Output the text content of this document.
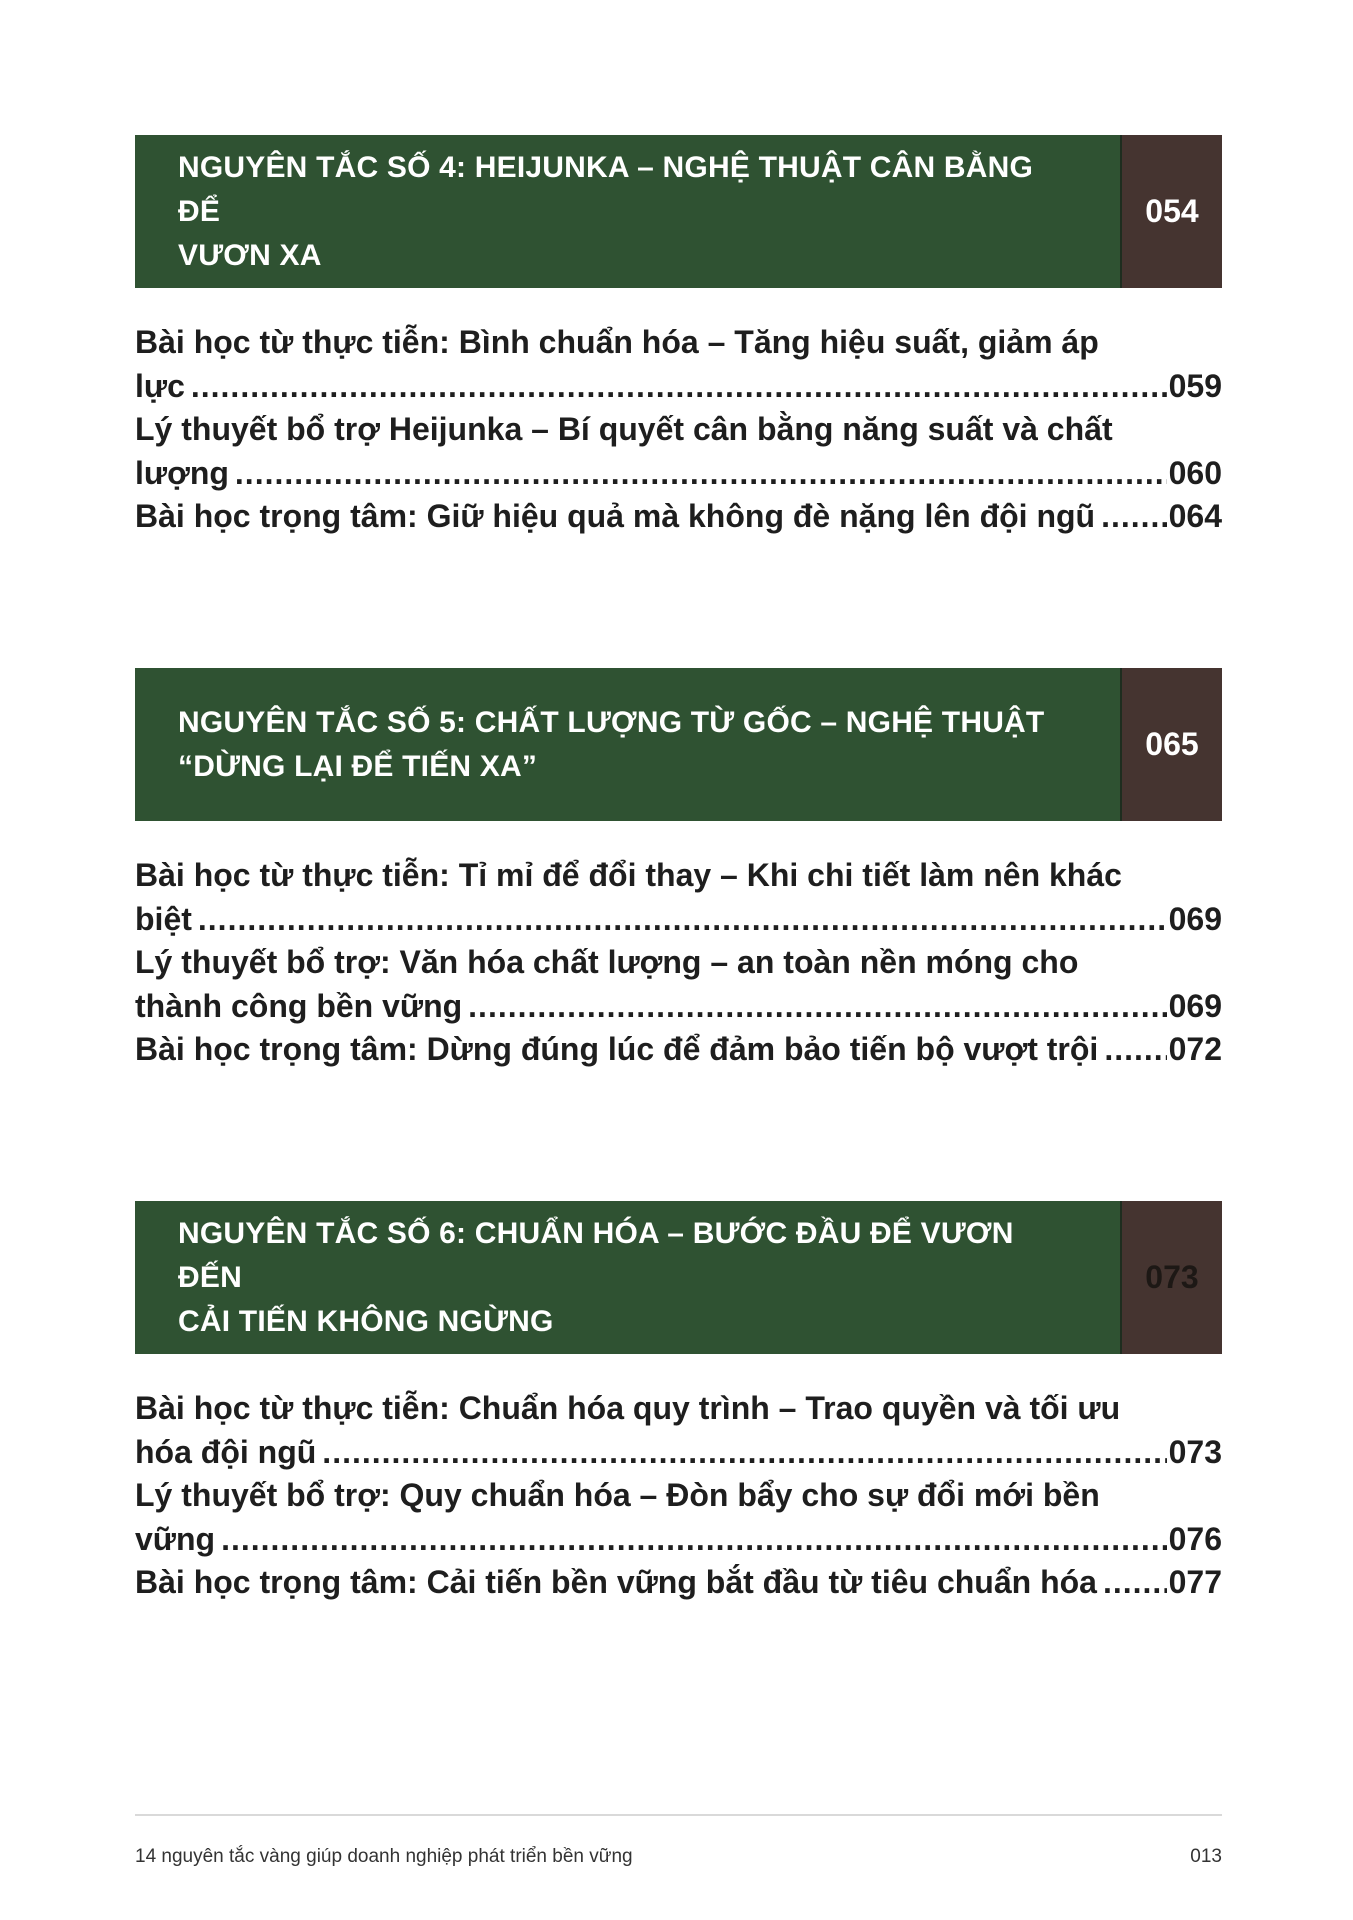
NGUYÊN TẮC SỐ 4: HEIJUNKA – NGHỆ THUẬT CÂN BẰNG ĐỂ
VƯƠN XA
054
Bài học từ thực tiễn: Bình chuẩn hóa – Tăng hiệu suất, giảm áp
lực .....	059
Lý thuyết bổ trợ Heijunka – Bí quyết cân bằng năng suất và chất
lượng .....	060
Bài học trọng tâm: Giữ hiệu quả mà không đè nặng lên đội ngũ ..... 064
NGUYÊN TẮC SỐ 5: CHẤT LƯỢNG TỪ GỐC – NGHỆ THUẬT
“DỪNG LẠI ĐỂ TIẾN XA”
065
Bài học từ thực tiễn: Tỉ mỉ để đổi thay – Khi chi tiết làm nên khác
biệt .....	069
Lý thuyết bổ trợ: Văn hóa chất lượng – an toàn nền móng cho
thành công bền vững .....	069
Bài học trọng tâm: Dừng đúng lúc để đảm bảo tiến bộ vượt trội ..... 072
NGUYÊN TẮC SỐ 6: CHUẨN HÓA – BƯỚC ĐẦU ĐỂ VƯƠN ĐẾN
CẢI TIẾN KHÔNG NGỪNG
073
Bài học từ thực tiễn: Chuẩn hóa quy trình – Trao quyền và tối ưu
hóa đội ngũ .....	073
Lý thuyết bổ trợ: Quy chuẩn hóa – Đòn bẩy cho sự đổi mới bền
vững .....	076
Bài học trọng tâm: Cải tiến bền vững bắt đầu từ tiêu chuẩn hóa ..... 077
14 nguyên tắc vàng giúp doanh nghiệp phát triển bền vững	013
